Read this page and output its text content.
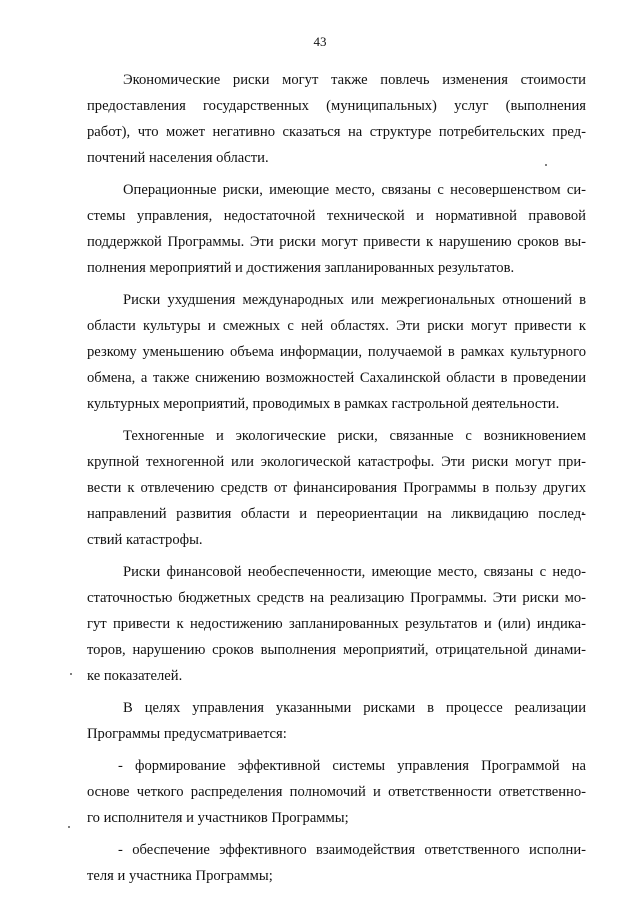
43

Экономические риски могут также повлечь изменения стоимости
предоставления государственных (муниципальных) услуг (выполнения
работ), что может негативно сказаться на структуре потребительских пред-
почтений населения области.

Операционные риски, имеющие место, связаны с несовершенством си-
стемы управления, недостаточной технической и нормативной правовой
поддержкой Программы. Эти риски могут привести к нарушению сроков вы-
полнения мероприятий и достижения запланированных результатов.

Риски ухудшения международных или межрегиональных отношений в
области культуры и смежных с ней областях. Эти риски могут привести к
резкому уменьшению объема информации, получаемой в рамках культурного
обмена, а также снижению возможностей Сахалинской области в проведении
культурных мероприятий, проводимых в рамках гастрольной деятельности.

Техногенные и экологические риски, связанные с возникновением
крупной техногенной или экологической катастрофы. Эти риски могут при-
вести к отвлечению средств от финансирования Программы в пользу других
направлений развития области и переориентации на ликвидацию послед-
ствий катастрофы.

Риски финансовой необеспеченности, имеющие место, связаны с недо-
статочностью бюджетных средств на реализацию Программы. Эти риски мо-
гут привести к недостижению запланированных результатов и (или) индика-
торов, нарушению сроков выполнения мероприятий, отрицательной динами-
ке показателей.

В целях управления указанными рисками в процессе реализации
Программы предусматривается:

- формирование эффективной системы управления Программой на
основе четкого распределения полномочий и ответственности ответственно-
го исполнителя и участников Программы;

- обеспечение эффективного взаимодействия ответственного исполни-
теля и участника Программы;
